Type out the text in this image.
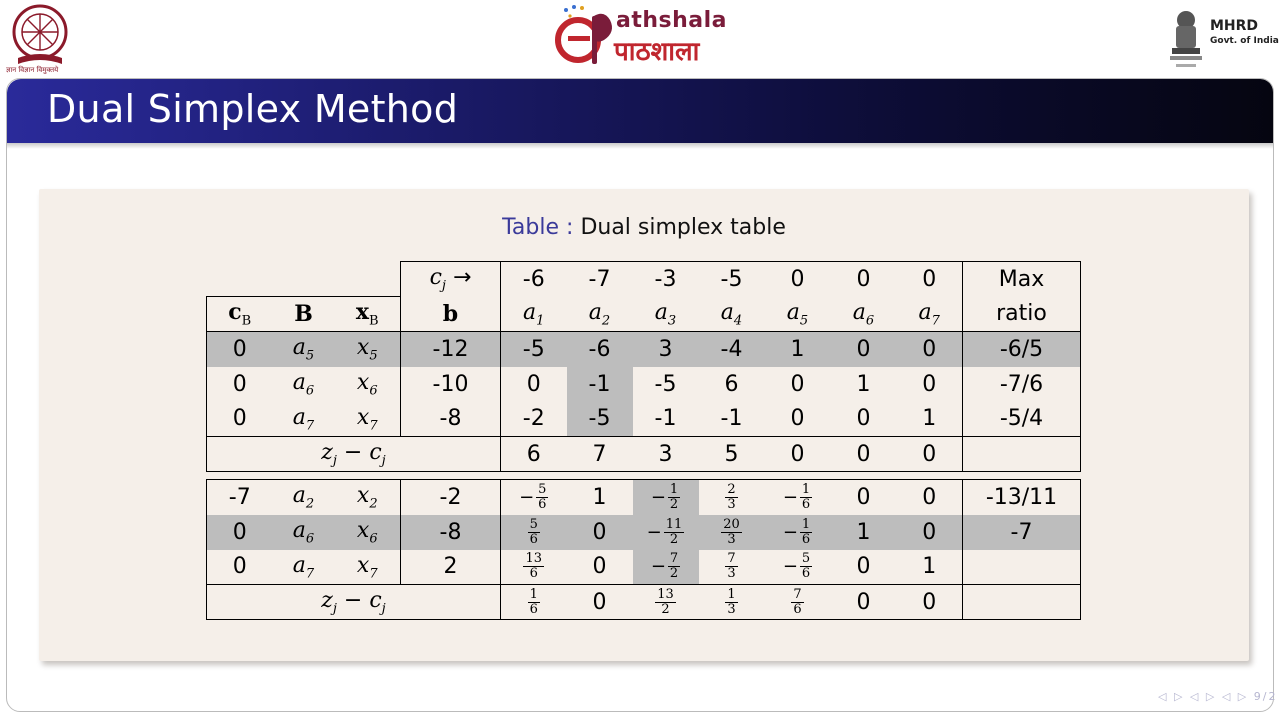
ज्ञान विज्ञान विमुक्तये
athshala
पाठशाला
MHRD
Govt. of India
Dual Simplex Method
Table : Dual simplex table
			$c_j$ →	-6	-7	-3	-5	0	0	0	Max
$c_B$	B	$x_B$	b	$a_1$	$a_2$	$a_3$	$a_4$	$a_5$	$a_6$	$a_7$	ratio
0	$a_5$	$x_5$	-12	-5	-6	3	-4	1	0	0	-6/5
0	$a_6$	$x_6$	-10	0	-1	-5	6	0	1	0	-7/6
0	$a_7$	$x_7$	-8	-2	-5	-1	-1	0	0	1	-5/4
$z_j - c_j$				6	7	3	5	0	0	0	

-7	$a_2$	$x_2$	-2	− $\frac{5}{6}$	1	− $\frac{1}{2}$	$\frac{2}{3}$	− $\frac{1}{6}$	0	0	-13/11
0	$a_6$	$x_6$	-8	$\frac{5}{6}$	0	− $\frac{11}{2}$	$\frac{20}{3}$	− $\frac{1}{6}$	1	0	-7
0	$a_7$	$x_7$	2	$\frac{13}{6}$	0	− $\frac{7}{2}$	$\frac{7}{3}$	− $\frac{5}{6}$	0	1	
$z_j - c_j$				$\frac{1}{6}$	0	$\frac{13}{2}$	$\frac{1}{3}$	$\frac{7}{6}$	0	0	
◁ ▷ ◁ ▷ ◁ ▷ 9/2
